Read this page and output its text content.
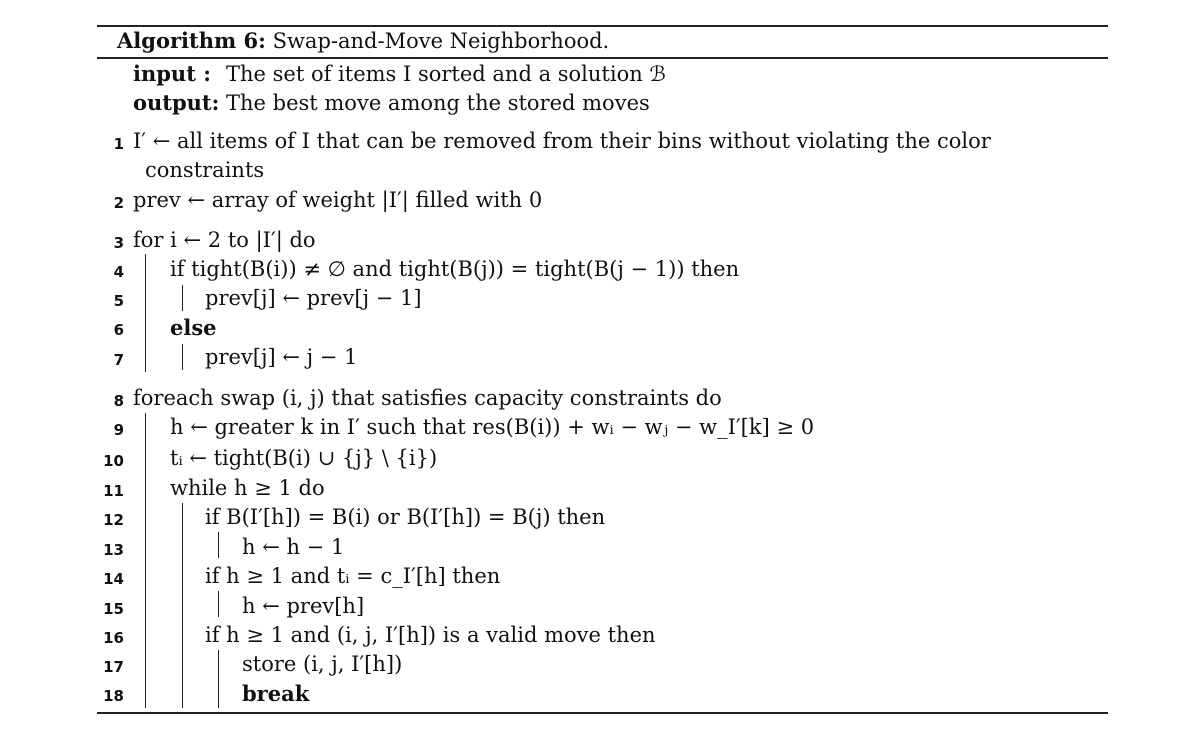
Algorithm 6: Swap-and-Move Neighborhood.
input : The set of items I sorted and a solution ℬ
output: The best move among the stored moves
1 I′ ← all items of I that can be removed from their bins without violating the color
constraints
2 prev ← array of weight |I′| filled with 0
3 for i ← 2 to |I′| do
4 if tight(B(i)) ≠ ∅ and tight(B(j)) = tight(B(j − 1)) then
5	prev[j] ← prev[j − 1]
6 else
7	prev[j] ← j − 1
8 foreach swap (i, j) that satisfies capacity constraints do
9 h ← greater k in I′ such that res(B(i)) + wᵢ − wⱼ − w_I′[k] ≥ 0
10 tᵢ ← tight(B(i) ∪ {j} \ {i})
11 while h ≥ 1 do
12	if B(I′[h]) = B(i) or B(I′[h]) = B(j) then
13	h ← h − 1
14	if h ≥ 1 and tᵢ = c_I′[h] then
15	h ← prev[h]
16	if h ≥ 1 and (i, j, I′[h]) is a valid move then
17	store (i, j, I′[h])
18	break
